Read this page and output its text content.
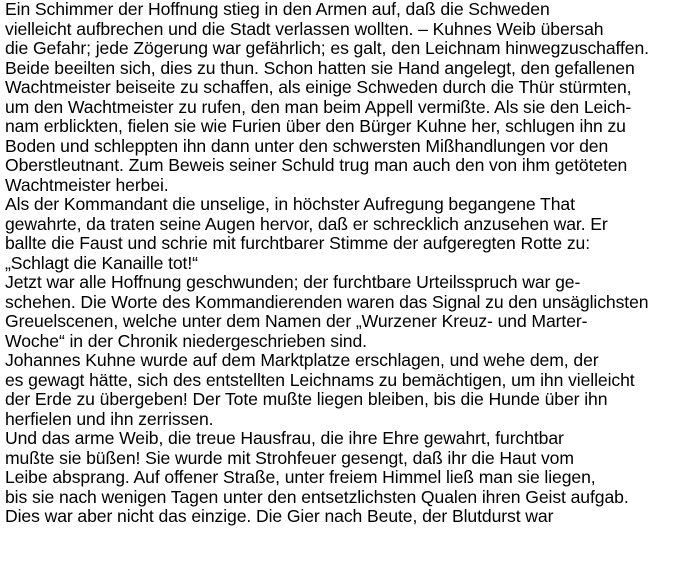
Ein Schimmer der Hoffnung stieg in den Armen auf, daß die Schweden
vielleicht aufbrechen und die Stadt verlassen wollten. – Kuhnes Weib übersah
die Gefahr; jede Zögerung war gefährlich; es galt, den Leichnam hinwegzuschaffen.
Beide beeilten sich, dies zu thun. Schon hatten sie Hand angelegt, den gefallenen
Wachtmeister beiseite zu schaffen, als einige Schweden durch die Thür stürmten,
um den Wachtmeister zu rufen, den man beim Appell vermißte. Als sie den Leich-
nam erblickten, fielen sie wie Furien über den Bürger Kuhne her, schlugen ihn zu
Boden und schleppten ihn dann unter den schwersten Mißhandlungen vor den
Oberstleutnant. Zum Beweis seiner Schuld trug man auch den von ihm getöteten
Wachtmeister herbei.
Als der Kommandant die unselige, in höchster Aufregung begangene That
gewahrte, da traten seine Augen hervor, daß er schrecklich anzusehen war. Er
ballte die Faust und schrie mit furchtbarer Stimme der aufgeregten Rotte zu:
„Schlagt die Kanaille tot!“
Jetzt war alle Hoffnung geschwunden; der furchtbare Urteilsspruch war ge-
schehen. Die Worte des Kommandierenden waren das Signal zu den unsäglichsten
Greuelscenen, welche unter dem Namen der „Wurzener Kreuz- und Marter-
Woche“ in der Chronik niedergeschrieben sind.
Johannes Kuhne wurde auf dem Marktplatze erschlagen, und wehe dem, der
es gewagt hätte, sich des entstellten Leichnams zu bemächtigen, um ihn vielleicht
der Erde zu übergeben! Der Tote mußte liegen bleiben, bis die Hunde über ihn
herfielen und ihn zerrissen.
Und das arme Weib, die treue Hausfrau, die ihre Ehre gewahrt, furchtbar
mußte sie büßen! Sie wurde mit Strohfeuer gesengt, daß ihr die Haut vom
Leibe absprang. Auf offener Straße, unter freiem Himmel ließ man sie liegen,
bis sie nach wenigen Tagen unter den entsetzlichsten Qualen ihren Geist aufgab.
Dies war aber nicht das einzige. Die Gier nach Beute, der Blutdurst war
